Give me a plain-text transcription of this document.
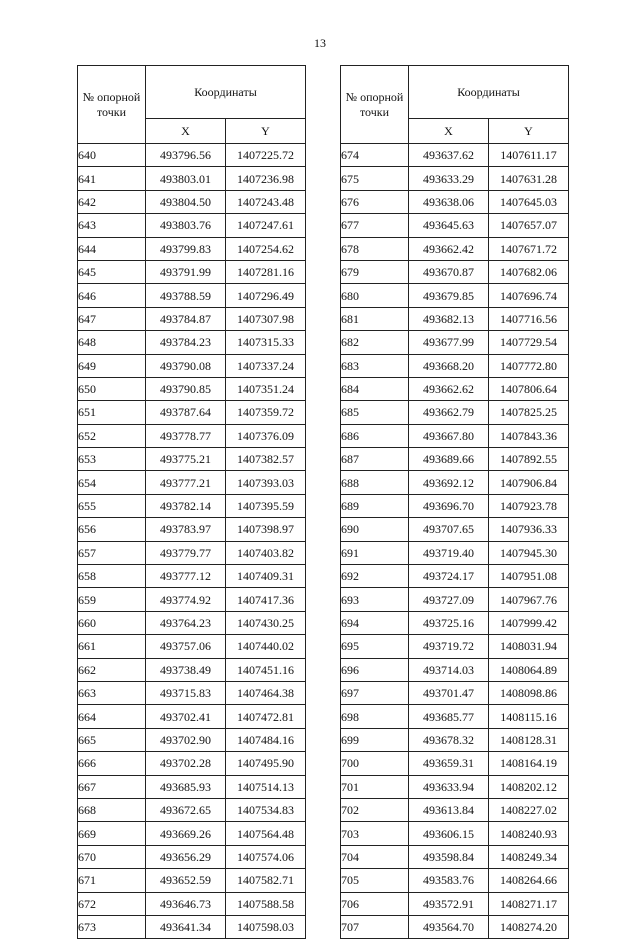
13
№ опорной точки	Координаты	
	X	Y
640	493796.56	1407225.72
641	493803.01	1407236.98
642	493804.50	1407243.48
643	493803.76	1407247.61
644	493799.83	1407254.62
645	493791.99	1407281.16
646	493788.59	1407296.49
647	493784.87	1407307.98
648	493784.23	1407315.33
649	493790.08	1407337.24
650	493790.85	1407351.24
651	493787.64	1407359.72
652	493778.77	1407376.09
653	493775.21	1407382.57
654	493777.21	1407393.03
655	493782.14	1407395.59
656	493783.97	1407398.97
657	493779.77	1407403.82
658	493777.12	1407409.31
659	493774.92	1407417.36
660	493764.23	1407430.25
661	493757.06	1407440.02
662	493738.49	1407451.16
663	493715.83	1407464.38
664	493702.41	1407472.81
665	493702.90	1407484.16
666	493702.28	1407495.90
667	493685.93	1407514.13
668	493672.65	1407534.83
669	493669.26	1407564.48
670	493656.29	1407574.06
671	493652.59	1407582.71
672	493646.73	1407588.58
673	493641.34	1407598.03
№ опорной точки	Координаты	
	X	Y
674	493637.62	1407611.17
675	493633.29	1407631.28
676	493638.06	1407645.03
677	493645.63	1407657.07
678	493662.42	1407671.72
679	493670.87	1407682.06
680	493679.85	1407696.74
681	493682.13	1407716.56
682	493677.99	1407729.54
683	493668.20	1407772.80
684	493662.62	1407806.64
685	493662.79	1407825.25
686	493667.80	1407843.36
687	493689.66	1407892.55
688	493692.12	1407906.84
689	493696.70	1407923.78
690	493707.65	1407936.33
691	493719.40	1407945.30
692	493724.17	1407951.08
693	493727.09	1407967.76
694	493725.16	1407999.42
695	493719.72	1408031.94
696	493714.03	1408064.89
697	493701.47	1408098.86
698	493685.77	1408115.16
699	493678.32	1408128.31
700	493659.31	1408164.19
701	493633.94	1408202.12
702	493613.84	1408227.02
703	493606.15	1408240.93
704	493598.84	1408249.34
705	493583.76	1408264.66
706	493572.91	1408271.17
707	493564.70	1408274.20
